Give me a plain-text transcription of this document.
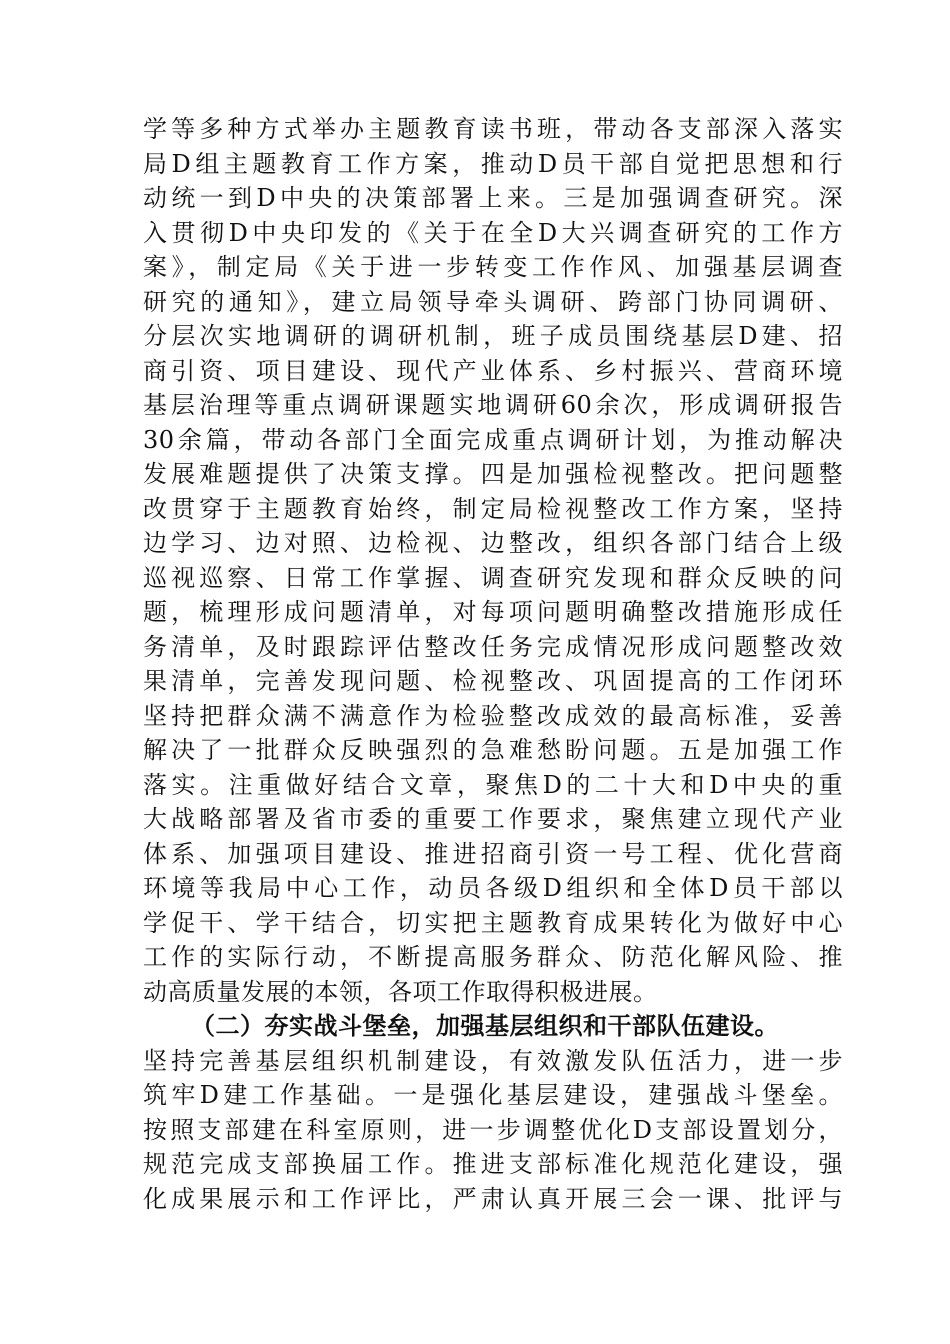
学等多种方式举办主题教育读书班，带动各支部深入落实
局D组主题教育工作方案，推动D员干部自觉把思想和行
动统一到D中央的决策部署上来。三是加强调查研究。深
入贯彻D中央印发的《关于在全D大兴调查研究的工作方
案》，制定局《关于进一步转变工作作风、加强基层调查
研究的通知》，建立局领导牵头调研、跨部门协同调研、
分层次实地调研的调研机制，班子成员围绕基层D建、招
商引资、项目建设、现代产业体系、乡村振兴、营商环境
基层治理等重点调研课题实地调研60余次，形成调研报告
30余篇，带动各部门全面完成重点调研计划，为推动解决
发展难题提供了决策支撑。四是加强检视整改。把问题整
改贯穿于主题教育始终，制定局检视整改工作方案，坚持
边学习、边对照、边检视、边整改，组织各部门结合上级
巡视巡察、日常工作掌握、调查研究发现和群众反映的问
题，梳理形成问题清单，对每项问题明确整改措施形成任
务清单，及时跟踪评估整改任务完成情况形成问题整改效
果清单，完善发现问题、检视整改、巩固提高的工作闭环
坚持把群众满不满意作为检验整改成效的最高标准，妥善
解决了一批群众反映强烈的急难愁盼问题。五是加强工作
落实。注重做好结合文章，聚焦D的二十大和D中央的重
大战略部署及省市委的重要工作要求，聚焦建立现代产业
体系、加强项目建设、推进招商引资一号工程、优化营商
环境等我局中心工作，动员各级D组织和全体D员干部以
学促干、学干结合，切实把主题教育成果转化为做好中心
工作的实际行动，不断提高服务群众、防范化解风险、推
动高质量发展的本领，各项工作取得积极进展。
（二）夯实战斗堡垒，加强基层组织和干部队伍建设。
坚持完善基层组织机制建设，有效激发队伍活力，进一步
筑牢D建工作基础。一是强化基层建设，建强战斗堡垒。
按照支部建在科室原则，进一步调整优化D支部设置划分，
规范完成支部换届工作。推进支部标准化规范化建设，强
化成果展示和工作评比，严肃认真开展三会一课、批评与
